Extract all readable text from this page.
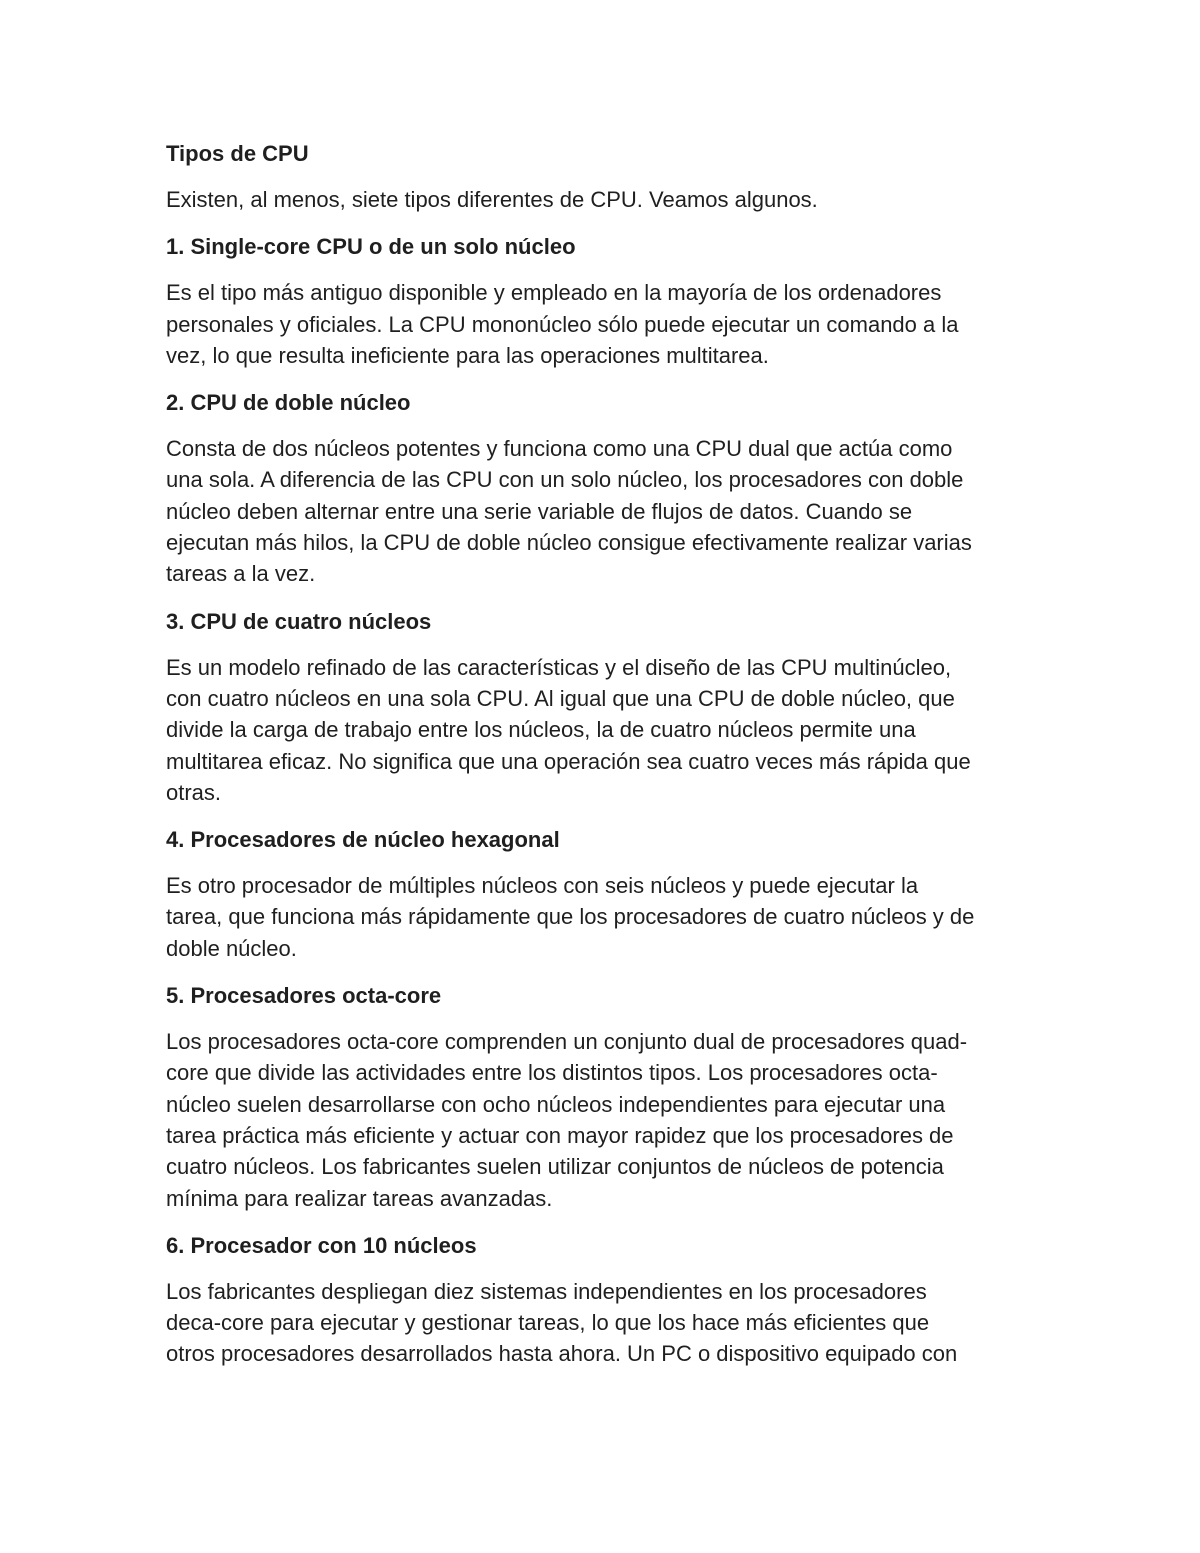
Tipos de CPU
Existen, al menos, siete tipos diferentes de CPU. Veamos algunos.
1. Single-core CPU o de un solo núcleo
Es el tipo más antiguo disponible y empleado en la mayoría de los ordenadores
personales y oficiales. La CPU mononúcleo sólo puede ejecutar un comando a la
vez, lo que resulta ineficiente para las operaciones multitarea.
2. CPU de doble núcleo
Consta de dos núcleos potentes y funciona como una CPU dual que actúa como
una sola. A diferencia de las CPU con un solo núcleo, los procesadores con doble
núcleo deben alternar entre una serie variable de flujos de datos. Cuando se
ejecutan más hilos, la CPU de doble núcleo consigue efectivamente realizar varias
tareas a la vez.
3. CPU de cuatro núcleos
Es un modelo refinado de las características y el diseño de las CPU multinúcleo,
con cuatro núcleos en una sola CPU. Al igual que una CPU de doble núcleo, que
divide la carga de trabajo entre los núcleos, la de cuatro núcleos permite una
multitarea eficaz. No significa que una operación sea cuatro veces más rápida que
otras.
4. Procesadores de núcleo hexagonal
Es otro procesador de múltiples núcleos con seis núcleos y puede ejecutar la
tarea, que funciona más rápidamente que los procesadores de cuatro núcleos y de
doble núcleo.
5. Procesadores octa-core
Los procesadores octa-core comprenden un conjunto dual de procesadores quad-
core que divide las actividades entre los distintos tipos. Los procesadores octa-
núcleo suelen desarrollarse con ocho núcleos independientes para ejecutar una
tarea práctica más eficiente y actuar con mayor rapidez que los procesadores de
cuatro núcleos. Los fabricantes suelen utilizar conjuntos de núcleos de potencia
mínima para realizar tareas avanzadas.
6. Procesador con 10 núcleos
Los fabricantes despliegan diez sistemas independientes en los procesadores
deca-core para ejecutar y gestionar tareas, lo que los hace más eficientes que
otros procesadores desarrollados hasta ahora. Un PC o dispositivo equipado con
